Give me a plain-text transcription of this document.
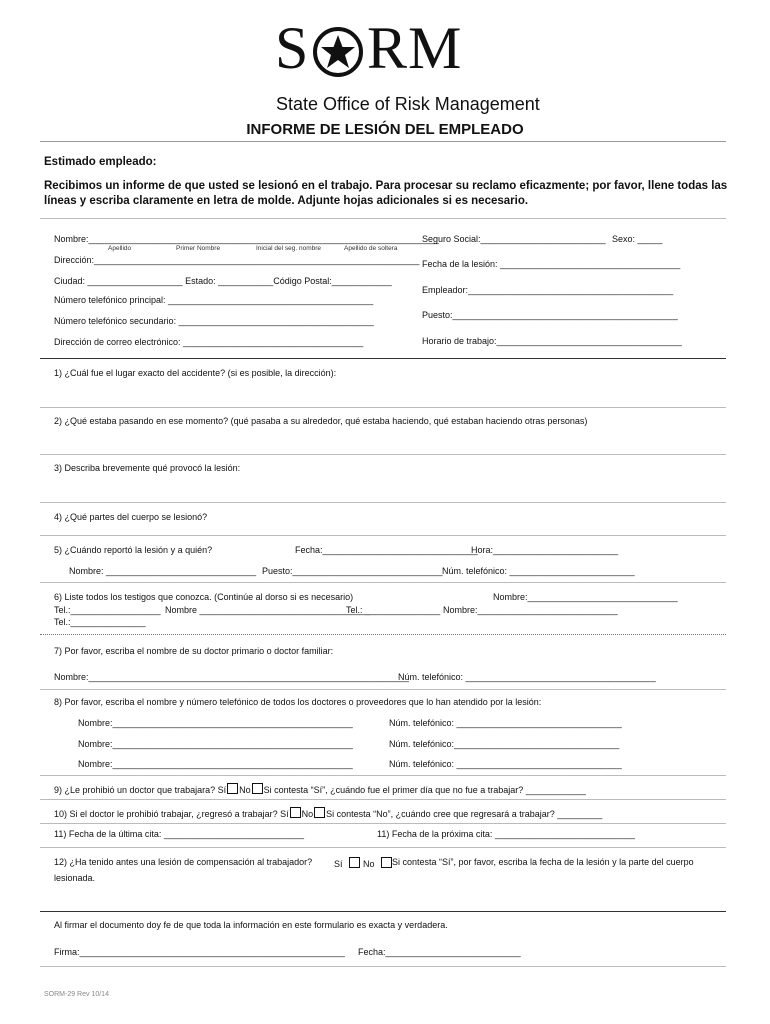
S RM
State Office of Risk Management
INFORME DE LESIÓN DEL EMPLEADO
Estimado empleado:
Recibimos un informe de que usted se lesionó en el trabajo. Para procesar su reclamo eficazmente; por favor, llene todas las
líneas y escriba claramente en letra de molde. Adjunte hojas adicionales si es necesario.
Nombre:______________________________________________________________________
Apellido	Primer Nombre	Inicial del seg. nombre	Apellido de soltera
Dirección:_________________________________________________________________
Ciudad: ___________________ Estado: ___________Código Postal:____________
Número telefónico principal: _________________________________________
Número telefónico secundario: _______________________________________
Dirección de correo electrónico: ____________________________________
Seguro Social:_________________________ Sexo: _____
Fecha de la lesión: ____________________________________
Empleador:_________________________________________
Puesto:_____________________________________________
Horario de trabajo:_____________________________________
1) ¿Cuál fue el lugar exacto del accidente? (si es posible, la dirección):
2) ¿Qué estaba pasando en ese momento? (qué pasaba a su alrededor, qué estaba haciendo, qué estaban haciendo otras personas)
3) Describa brevemente qué provocó la lesión:
4) ¿Qué partes del cuerpo se lesionó?
5) ¿Cuándo reportó la lesión y a quién?	Fecha:_______________________________
Hora:_________________________
Nombre: ______________________________ Puesto:______________________________ Núm. telefónico: _________________________
6) Liste todos los testigos que conozca. (Continúe al dorso si es necesario)	Nombre:______________________________
Tel.:__________________ Nombre __________________________________
Tel.: _______________ Nombre:____________________________
Tel.:_______________
7) Por favor, escriba el nombre de su doctor primario o doctor familiar:
Nombre:________________________________________________________________
Núm. telefónico: ______________________________________
8) Por favor, escriba el nombre y número telefónico de todos los doctores o proveedores que lo han atendido por la lesión:
Nombre:________________________________________________	Núm. telefónico: _________________________________
Nombre:________________________________________________	Núm. telefónico:_________________________________
Nombre:________________________________________________	Núm. telefónico: _________________________________
9) ¿Le prohibió un doctor que trabajara? Sí No Si contesta “Sí”, ¿cuándo fue el primer día que no fue a trabajar? ____________
10) Si el doctor le prohibió trabajar, ¿regresó a trabajar? Sí No Si contesta “No”, ¿cuándo cree que regresará a trabajar? _________
11) Fecha de la última cita: ____________________________	11) Fecha de la próxima cita: ____________________________
12) ¿Ha tenido antes una lesión de compensación al trabajador? Sí No	Si contesta “Sí”, por favor, escriba la fecha de la lesión y la parte del cuerpo
lesionada.
Al firmar el documento doy fe de que toda la información en este formulario es exacta y verdadera.
Firma:_____________________________________________________ Fecha:___________________________
SORM-29 Rev 10/14
